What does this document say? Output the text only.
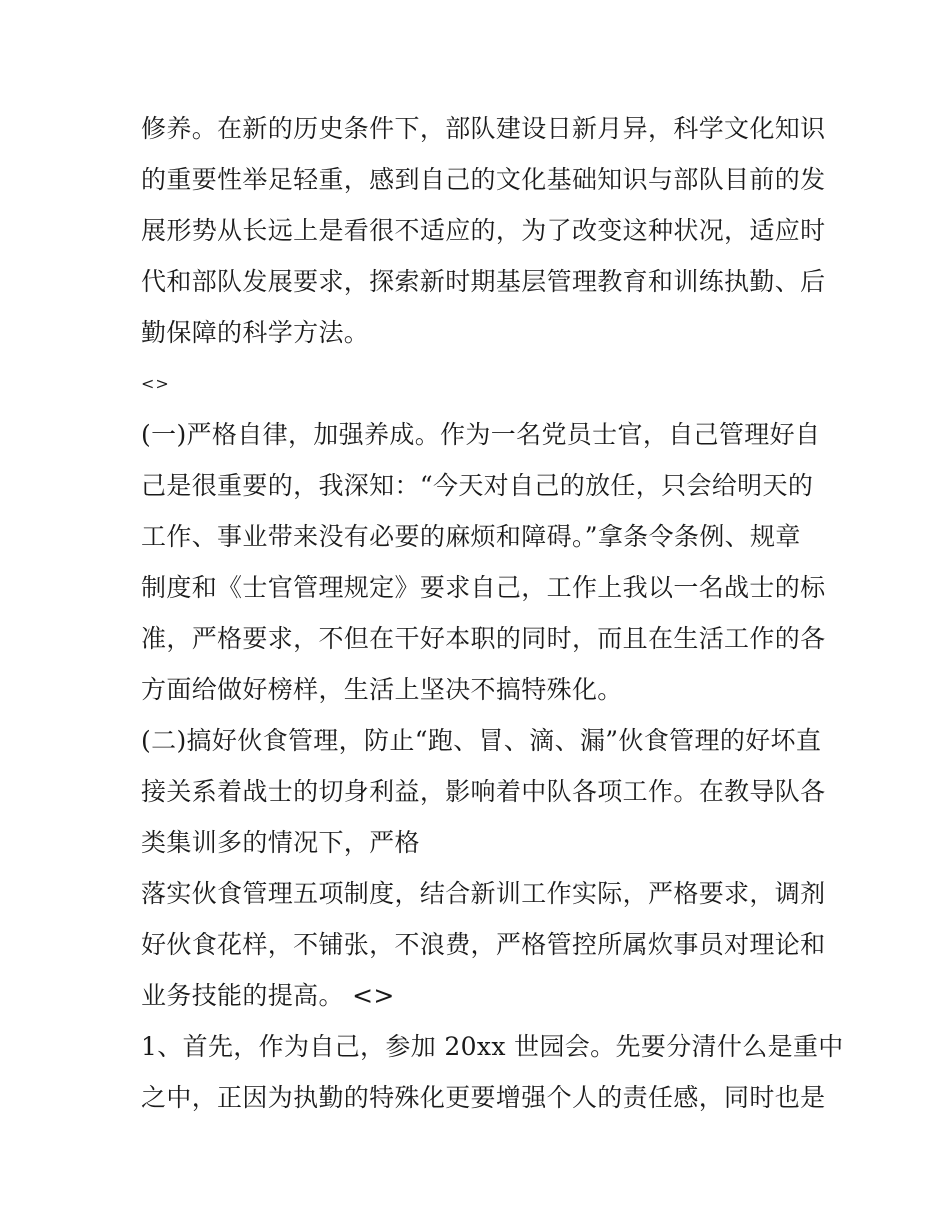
修养。在新的历史条件下，部队建设日新月异，科学文化知识
的重要性举足轻重，感到自己的文化基础知识与部队目前的发
展形势从长远上是看很不适应的，为了改变这种状况，适应时
代和部队发展要求，探索新时期基层管理教育和训练执勤、后
勤保障的科学方法。
<>
(一)严格自律，加强养成。作为一名党员士官，自己管理好自
己是很重要的，我深知：“今天对自己的放任，只会给明天的
工作、事业带来没有必要的麻烦和障碍。”拿条令条例、规章
制度和《士官管理规定》要求自己，工作上我以一名战士的标
准，严格要求，不但在干好本职的同时，而且在生活工作的各
方面给做好榜样，生活上坚决不搞特殊化。
(二)搞好伙食管理，防止“跑、冒、滴、漏”伙食管理的好坏直
接关系着战士的切身利益，影响着中队各项工作。在教导队各
类集训多的情况下，严格
落实伙食管理五项制度，结合新训工作实际，严格要求，调剂
好伙食花样，不铺张，不浪费，严格管控所属炊事员对理论和
业务技能的提高。 <>
1、首先，作为自己，参加 20xx 世园会。先要分清什么是重中
之中，正因为执勤的特殊化更要增强个人的责任感，同时也是
